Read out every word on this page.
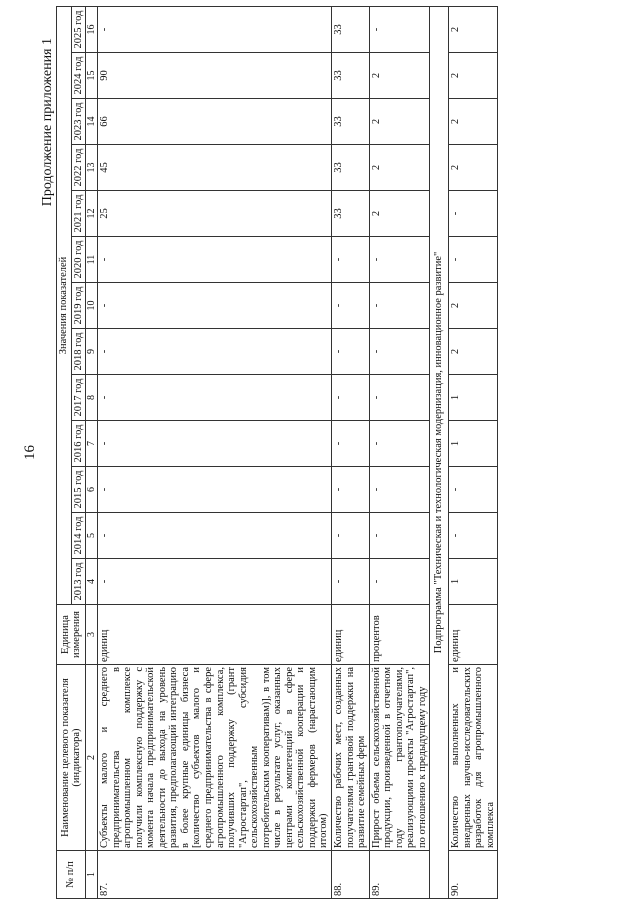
16
Продолжение приложения 1
№ п/п	Наименование целевого показателя (индикатора)	Единица измерения	Значения показателей												
			2013 год	2014 год	2015 год	2016 год	2017 год	2018 год	2019 год	2020 год	2021 год	2022 год	2023 год	2024 год	2025 год
1	2	3	4	5	6	7	8	9	10	11	12	13	14	15	16
87.	Субъекты малого и среднего предпринимательства в агропромышленном комплексе получили комплексную поддержку с момента начала предпринимательской деятельности до выхода на уровень развития, предполагающий интеграцию в более крупные единицы бизнеса [количество субъектов малого и среднего предпринимательства в сфере агропромышленного комплекса, получивших поддержку (грант "Агростартап", субсидия сельскохозяйственным потребительским кооперативам)], в том числе в результате услуг, оказанных центрами компетенций в сфере сельскохозяйственной кооперации и поддержки фермеров (нарастающим итогом)	единиц	-	-	-	-	-	-	-	-	25	45	66	90	-
88.	Количество рабочих мест, созданных получателями грантовой поддержки на развитие семейных ферм	единиц	-	-	-	-	-	-	-	-	33	33	33	33	33
89.	Прирост объема сельскохозяйственной продукции, произведенной в отчетном году грантополучателями, реализующими проекты "Агростартап", по отношению к предыдущему году	процентов	-	-	-	-	-	-	-	-	2	2	2	2	-
Подпрограмма "Техническая и технологическая модернизация, инновационное развитие"															
90.	Количество выполненных и внедренных научно-исследовательских разработок для агропромышленного комплекса	единиц	1	-	-	1	1	2	2	-	-	2	2	2	2
